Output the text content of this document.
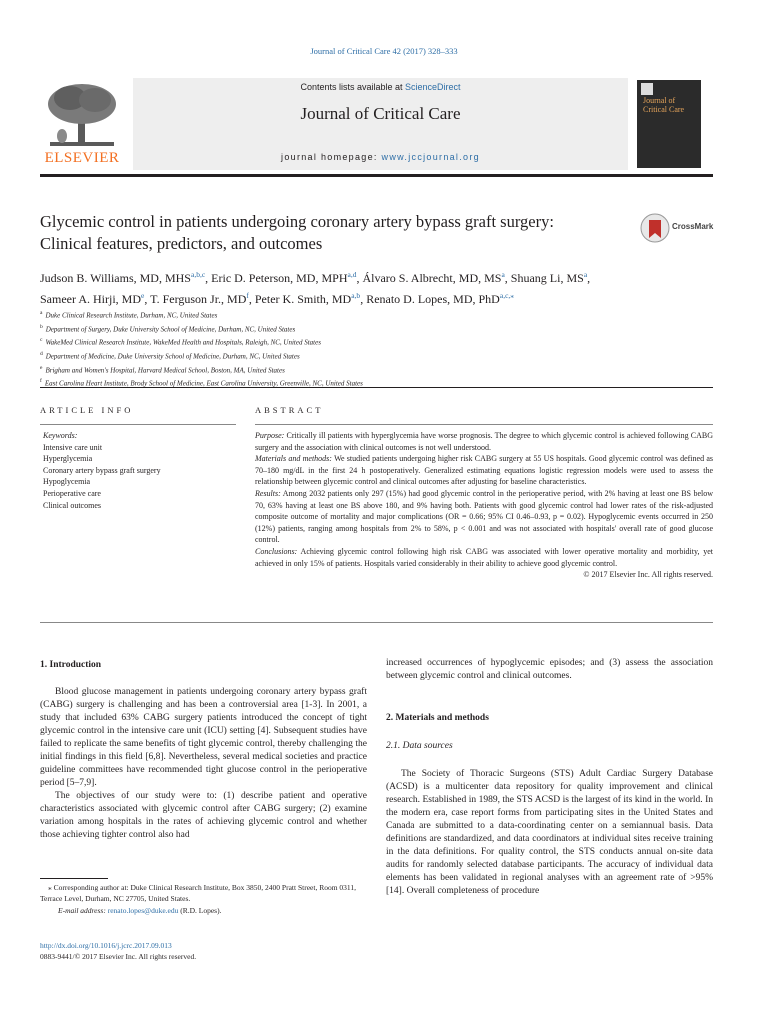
Journal of Critical Care 42 (2017) 328–333
Contents lists available at ScienceDirect
Journal of Critical Care
journal homepage: www.jccjournal.org
ELSEVIER
Journal of Critical Care
Glycemic control in patients undergoing coronary artery bypass graft surgery: Clinical features, predictors, and outcomes
CrossMark
Judson B. Williams, MD, MHS$^{a,b,c}$, Eric D. Peterson, MD, MPH$^{a,d}$, Álvaro S. Albrecht, MD, $MS^a$, Shuang Li, $MS^a$,
Sameer A. Hirji, MDe, T. Ferguson Jr., $MD^f$, Peter K. Smith, MD$^{a,b}$, Renato D. Lopes, MD, PhD$^{a,c,⁎}$
$^a$ Duke Clinical Research Institute, Durham, NC, United States
$^b$ Department of Surgery, Duke University School of Medicine, Durham, NC, United States
$^c$ WakeMed Clinical Research Institute, WakeMed Health and Hospitals, Raleigh, NC, United States
$^d$ Department of Medicine, Duke University School of Medicine, Durham, NC, United States
$^e$ Brigham and Women's Hospital, Harvard Medical School, Boston, MA, United States
$^f$ East Carolina Heart Institute, Brody School of Medicine, East Carolina University, Greenville, NC, United States
ARTICLE INFO	ABSTRACT
Keywords:
Intensive care unit
Hyperglycemia
Coronary artery bypass graft surgery
Hypoglycemia
Perioperative care
Clinical outcomes

Purpose: Critically ill patients with hyperglycemia have worse prognosis. The degree to which glycemic control is achieved following CABG surgery and the association with clinical outcomes is not well understood.

Materials and methods: We studied patients undergoing higher risk CABG surgery at 55 US hospitals. Good glycemic control was defined as 70–180 mg/dL in the first 24 h postoperatively. Generalized estimating equations logistic regression models were used to assess the relationship between glycemic control and clinical outcomes after adjusting for baseline characteristics.

Results: Among 2032 patients only 297 (15%) had good glycemic control in the perioperative period, with 2% having at least one BS below 70, 63% having at least one BS above 180, and 9% having both. Patients with good glycemic control had lower rates of the risk-adjusted composite outcome of mortality and major complications (OR = 0.66; 95% CI 0.46–0.93, p = 0.02). Hypoglycemic events occurred in 250 (12%) patients, ranging among hospitals from 2% to 58%, p < 0.001 and was not associated with hospitals' overall rate of good glucose control.

Conclusions: Achieving glycemic control following high risk CABG was associated with lower operative mortality and morbidity, yet achieved in only 15% of patients. Hospitals varied considerably in their ability to achieve good glycemic control.

© 2017 Elsevier Inc. All rights reserved.
1. Introduction

Blood glucose management in patients undergoing coronary artery bypass graft (CABG) surgery is challenging and has been a controversial area [1-3]. In 2001, a study that included 63% CABG surgery patients introduced the concept of tight glycemic control in the intensive care unit (ICU) setting [4]. Subsequent studies have failed to replicate the same benefits of tight glycemic control, thereby challenging the initial findings in this field [6,8]. Nevertheless, several medical societies and practice guideline committees have recommended tight glucose control in the perioperative period [5–7,9].

The objectives of our study were to: (1) describe patient and operative characteristics associated with glycemic control after CABG surgery; (2) examine variation among hospitals in the rates of achieving glycemic control and whether those achieving tighter control also had

increased occurrences of hypoglycemic episodes; and (3) assess the association between glycemic control and clinical outcomes.
2. Materials and methods
2.1. Data sources

The Society of Thoracic Surgeons (STS) Adult Cardiac Surgery Database (ACSD) is a multicenter data repository for quality improvement and clinical research. Established in 1989, the STS ACSD is the largest of its kind in the world. In the modern era, case report forms from participating sites in the United States and Canada are submitted to a data-coordinating center on a semiannual basis. Data definitions are standardized, and data coordinators at individual sites receive training in the data definitions. For quality control, the STS conducts annual on-site data audits for randomly selected database participants. The accuracy of individual data elements has been validated in regional analyses with an agreement rate of >95% [14]. Overall completeness of procedure

⁎ Corresponding author at: Duke Clinical Research Institute, Box 3850, 2400 Pratt Street, Room 0311, Terrace Level, Durham, NC 27705, United States.
E-mail address: renato.lopes@duke.edu (R.D. Lopes).
http://dx.doi.org/10.1016/j.jcrc.2017.09.013
0883-9441/© 2017 Elsevier Inc. All rights reserved.
